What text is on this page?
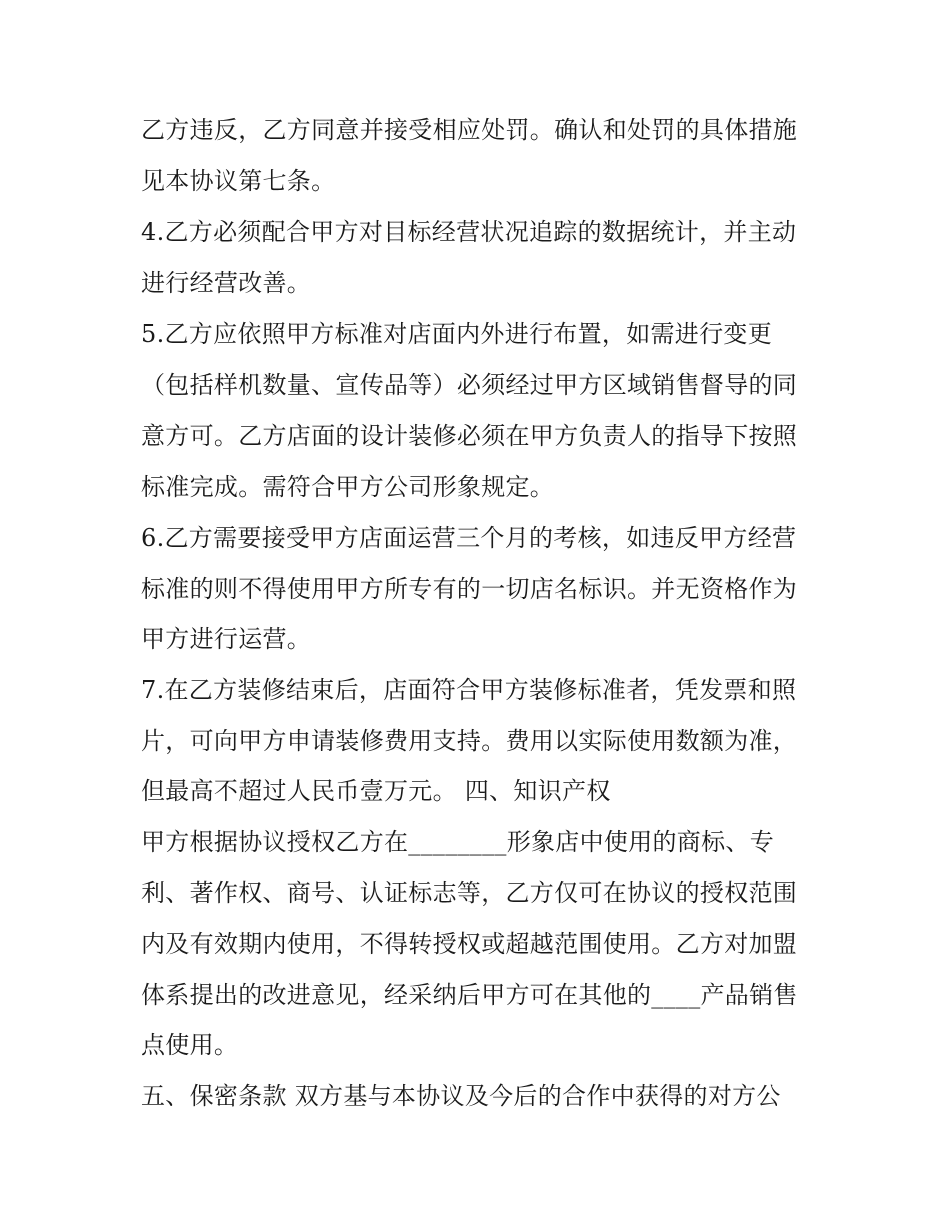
乙方违反，乙方同意并接受相应处罚。确认和处罚的具体措施
见本协议第七条。
4.乙方必须配合甲方对目标经营状况追踪的数据统计，并主动
进行经营改善。
5.乙方应依照甲方标准对店面内外进行布置，如需进行变更
（包括样机数量、宣传品等）必须经过甲方区域销售督导的同
意方可。乙方店面的设计装修必须在甲方负责人的指导下按照
标准完成。需符合甲方公司形象规定。
6.乙方需要接受甲方店面运营三个月的考核，如违反甲方经营
标准的则不得使用甲方所专有的一切店名标识。并无资格作为
甲方进行运营。
7.在乙方装修结束后，店面符合甲方装修标准者，凭发票和照
片，可向甲方申请装修费用支持。费用以实际使用数额为准，
但最高不超过人民币壹万元。 四、知识产权
甲方根据协议授权乙方在________形象店中使用的商标、专
利、著作权、商号、认证标志等，乙方仅可在协议的授权范围
内及有效期内使用，不得转授权或超越范围使用。乙方对加盟
体系提出的改进意见，经采纳后甲方可在其他的____产品销售
点使用。
五、保密条款 双方基与本协议及今后的合作中获得的对方公
